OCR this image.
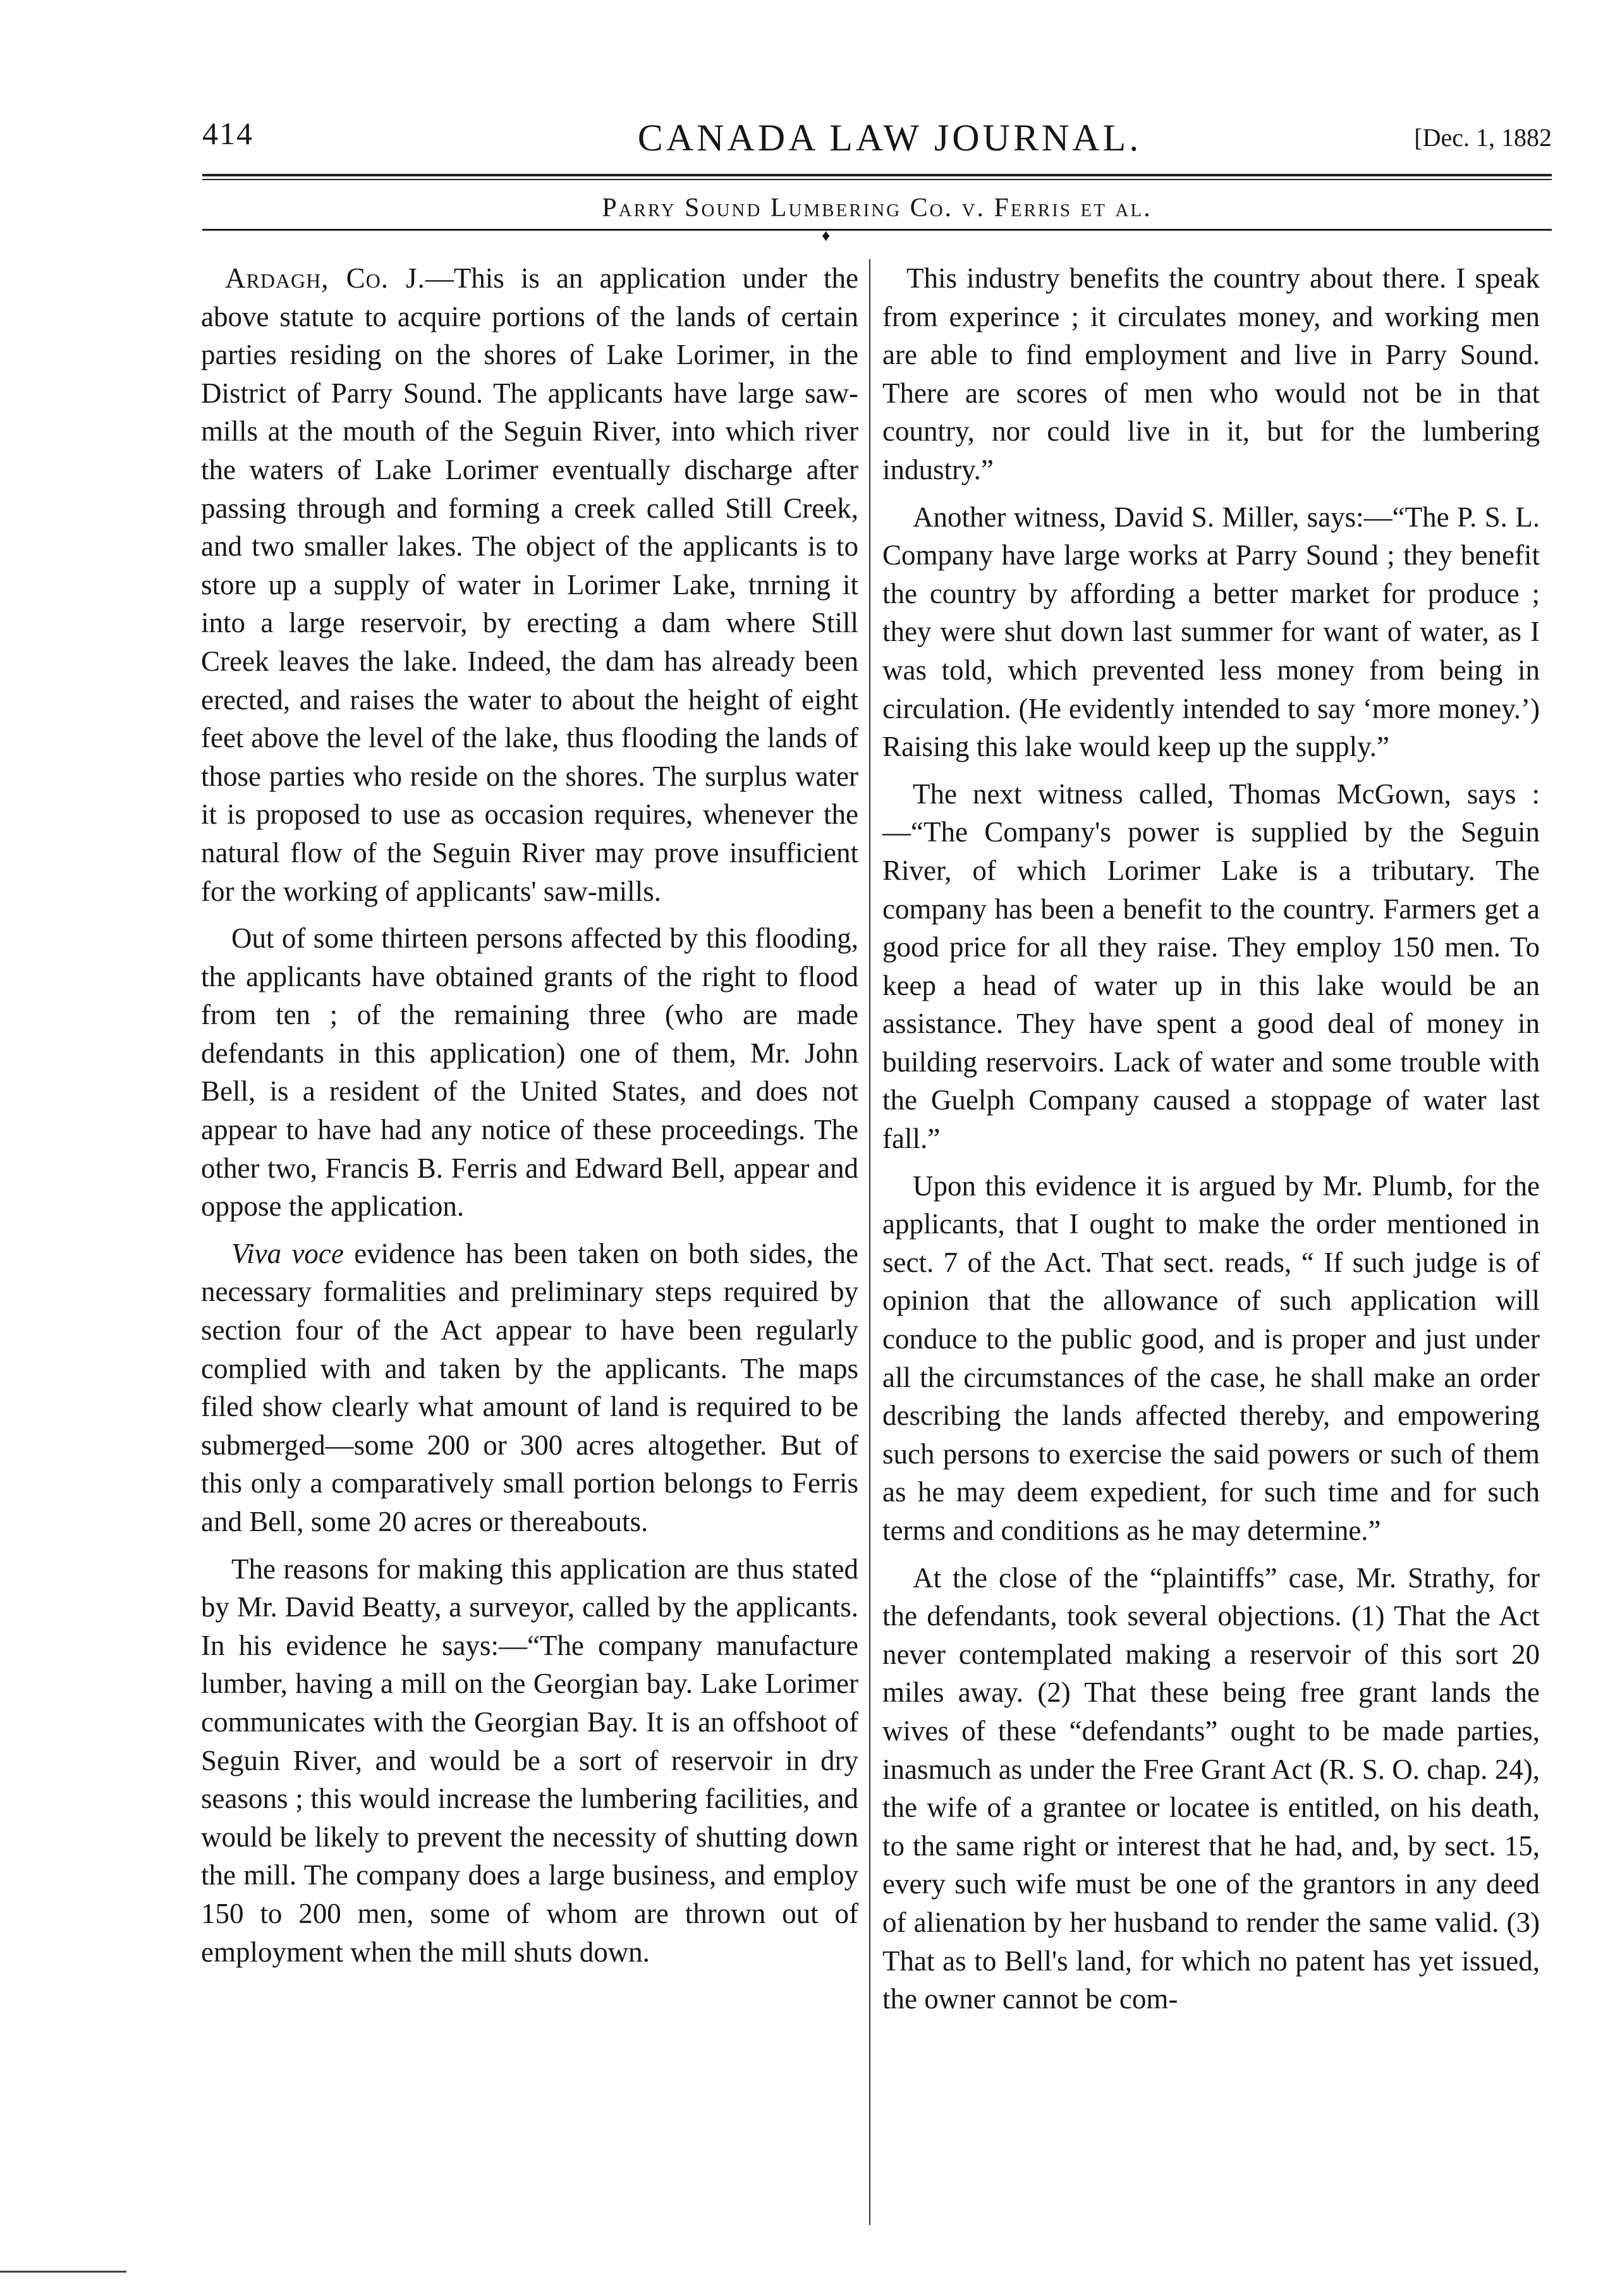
414	CANADA LAW JOURNAL.	[Dec. 1, 1882
Parry Sound Lumbering Co. v. Ferris et al.
♦

Ardagh, Co. J.—This is an application under the above statute to acquire portions of the lands of certain parties residing on the shores of Lake Lorimer, in the District of Parry Sound. The applicants have large saw-mills at the mouth of the Seguin River, into which river the waters of Lake Lorimer eventually discharge after passing through and forming a creek called Still Creek, and two smaller lakes. The object of the applicants is to store up a supply of water in Lorimer Lake, tnrning it into a large reservoir, by erecting a dam where Still Creek leaves the lake. Indeed, the dam has already been erected, and raises the water to about the height of eight feet above the level of the lake, thus flooding the lands of those parties who reside on the shores. The surplus water it is proposed to use as occasion requires, whenever the natural flow of the Seguin River may prove insufficient for the working of applicants' saw-mills.

Out of some thirteen persons affected by this flooding, the applicants have obtained grants of the right to flood from ten ; of the remaining three (who are made defendants in this application) one of them, Mr. John Bell, is a resident of the United States, and does not appear to have had any notice of these proceedings. The other two, Francis B. Ferris and Edward Bell, appear and oppose the application.

Viva voce evidence has been taken on both sides, the necessary formalities and preliminary steps required by section four of the Act appear to have been regularly complied with and taken by the applicants. The maps filed show clearly what amount of land is required to be submerged—some 200 or 300 acres altogether. But of this only a comparatively small portion belongs to Ferris and Bell, some 20 acres or thereabouts.

The reasons for making this application are thus stated by Mr. David Beatty, a surveyor, called by the applicants. In his evidence he says:—“The company manufacture lumber, having a mill on the Georgian bay. Lake Lorimer communicates with the Georgian Bay. It is an offshoot of Seguin River, and would be a sort of reservoir in dry seasons ; this would increase the lumbering facilities, and would be likely to prevent the necessity of shutting down the mill. The company does a large business, and employ 150 to 200 men, some of whom are thrown out of employment when the mill shuts down.

This industry benefits the country about there. I speak from experince ; it circulates money, and working men are able to find employment and live in Parry Sound. There are scores of men who would not be in that country, nor could live in it, but for the lumbering industry.”

Another witness, David S. Miller, says:—“The P. S. L. Company have large works at Parry Sound ; they benefit the country by affording a better market for produce ; they were shut down last summer for want of water, as I was told, which prevented less money from being in circulation. (He evidently intended to say ‘more money.’) Raising this lake would keep up the supply.”

The next witness called, Thomas McGown, says :—“The Company's power is supplied by the Seguin River, of which Lorimer Lake is a tributary. The company has been a benefit to the country. Farmers get a good price for all they raise. They employ 150 men. To keep a head of water up in this lake would be an assistance. They have spent a good deal of money in building reservoirs. Lack of water and some trouble with the Guelph Company caused a stoppage of water last fall.”

Upon this evidence it is argued by Mr. Plumb, for the applicants, that I ought to make the order mentioned in sect. 7 of the Act. That sect. reads, “ If such judge is of opinion that the allowance of such application will conduce to the public good, and is proper and just under all the circumstances of the case, he shall make an order describing the lands affected thereby, and empowering such persons to exercise the said powers or such of them as he may deem expedient, for such time and for such terms and conditions as he may determine.”

At the close of the “plaintiffs” case, Mr. Strathy, for the defendants, took several objections. (1) That the Act never contemplated making a reservoir of this sort 20 miles away. (2) That these being free grant lands the wives of these “defendants” ought to be made parties, inasmuch as under the Free Grant Act (R. S. O. chap. 24), the wife of a grantee or locatee is entitled, on his death, to the same right or interest that he had, and, by sect. 15, every such wife must be one of the grantors in any deed of alienation by her husband to render the same valid. (3) That as to Bell's land, for which no patent has yet issued, the owner cannot be com-
